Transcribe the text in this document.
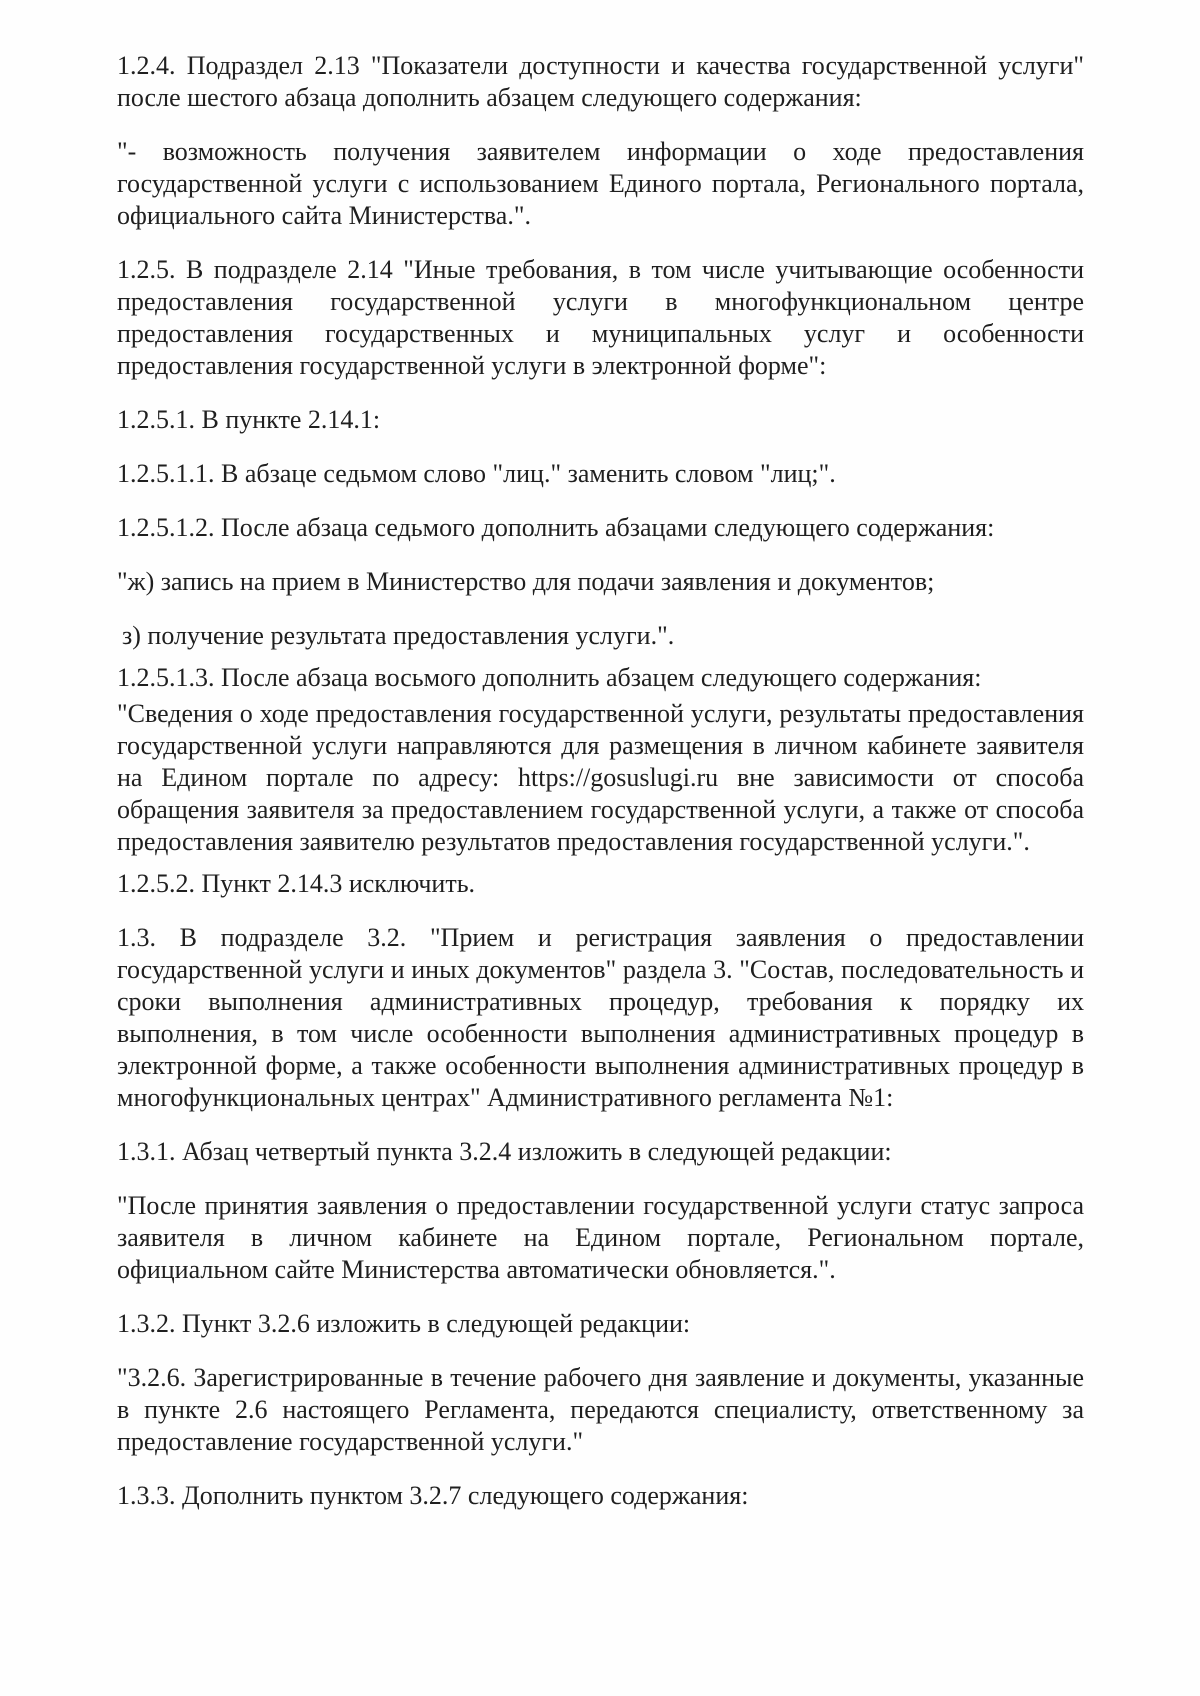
1.2.4. Подраздел 2.13 "Показатели доступности и качества государственной услуги" после шестого абзаца дополнить абзацем следующего содержания:

"- возможность получения заявителем информации о ходе предоставления государственной услуги с использованием Единого портала, Регионального портала, официального сайта Министерства.".

1.2.5. В подразделе 2.14 "Иные требования, в том числе учитывающие особенности предоставления государственной услуги в многофункциональном центре предоставления государственных и муниципальных услуг и особенности предоставления государственной услуги в электронной форме":

1.2.5.1. В пункте 2.14.1:

1.2.5.1.1. В абзаце седьмом слово "лиц." заменить словом "лиц;".

1.2.5.1.2. После абзаца седьмого дополнить абзацами следующего содержания:

"ж) запись на прием в Министерство для подачи заявления и документов;

з) получение результата предоставления услуги.".

1.2.5.1.3. После абзаца восьмого дополнить абзацем следующего содержания:

"Сведения о ходе предоставления государственной услуги, результаты предоставления государственной услуги направляются для размещения в личном кабинете заявителя на Едином портале по адресу: https://gosuslugi.ru вне зависимости от способа обращения заявителя за предоставлением государственной услуги, а также от способа предоставления заявителю результатов предоставления государственной услуги.".

1.2.5.2. Пункт 2.14.3 исключить.

1.3. В подразделе 3.2. "Прием и регистрация заявления о предоставлении государственной услуги и иных документов" раздела 3. "Состав, последовательность и сроки выполнения административных процедур, требования к порядку их выполнения, в том числе особенности выполнения административных процедур в электронной форме, а также особенности выполнения административных процедур в многофункциональных центрах" Административного регламента №1:

1.3.1. Абзац четвертый пункта 3.2.4 изложить в следующей редакции:

"После принятия заявления о предоставлении государственной услуги статус запроса заявителя в личном кабинете на Едином портале, Региональном портале, официальном сайте Министерства автоматически обновляется.".

1.3.2. Пункт 3.2.6 изложить в следующей редакции:

"3.2.6. Зарегистрированные в течение рабочего дня заявление и документы, указанные в пункте 2.6 настоящего Регламента, передаются специалисту, ответственному за предоставление государственной услуги."

1.3.3. Дополнить пунктом 3.2.7 следующего содержания:
